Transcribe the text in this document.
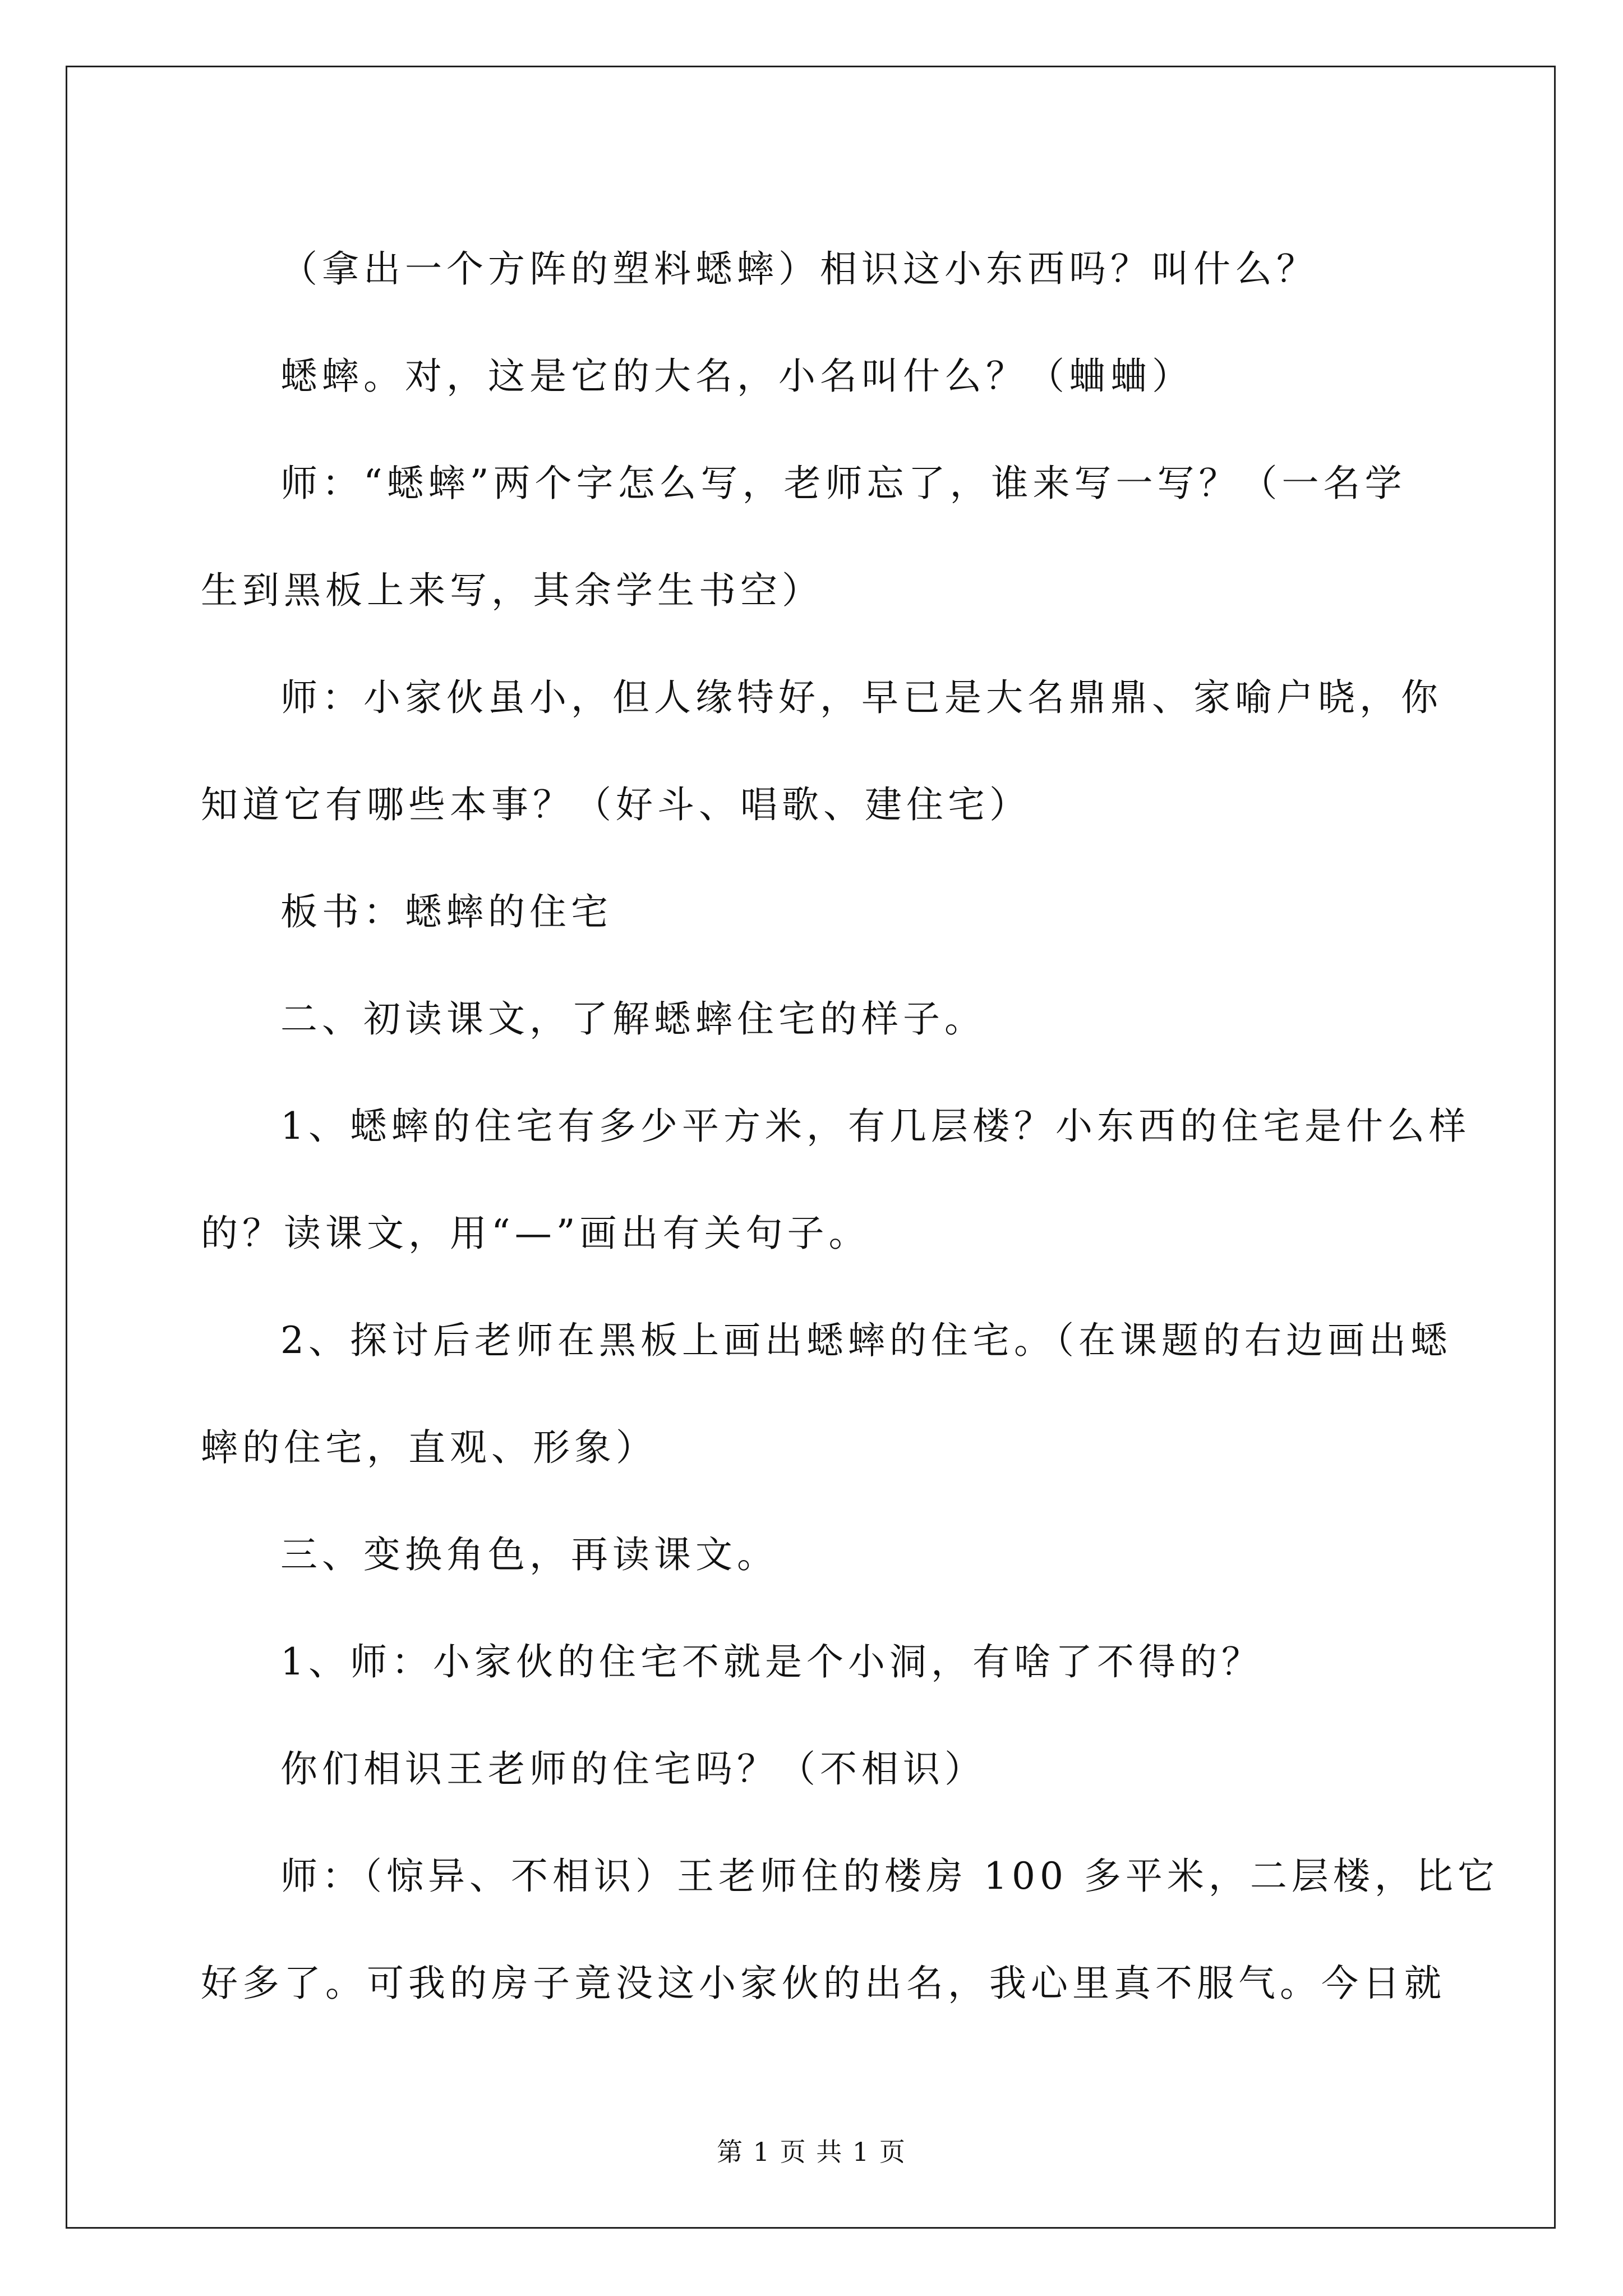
（拿出一个方阵的塑料蟋蟀）相识这小东西吗？叫什么？

蟋蟀。对，这是它的大名，小名叫什么？（蛐蛐）

师：“蟋蟀”两个字怎么写，老师忘了，谁来写一写？（一名学

生到黑板上来写，其余学生书空）

师：小家伙虽小，但人缘特好，早已是大名鼎鼎、家喻户晓，你

知道它有哪些本事？（好斗、唱歌、建住宅）

板书：蟋蟀的住宅

二、初读课文，了解蟋蟀住宅的样子。

1、蟋蟀的住宅有多少平方米，有几层楼？小东西的住宅是什么样

的？读课文，用“—”画出有关句子。

2、探讨后老师在黑板上画出蟋蟀的住宅。（在课题的右边画出蟋

蟀的住宅，直观、形象）

三、变换角色，再读课文。

1、师：小家伙的住宅不就是个小洞，有啥了不得的？

你们相识王老师的住宅吗？（不相识）

师：（惊异、不相识）王老师住的楼房 100 多平米，二层楼，比它

好多了。可我的房子竟没这小家伙的出名，我心里真不服气。今日就

第 1 页 共 1 页
